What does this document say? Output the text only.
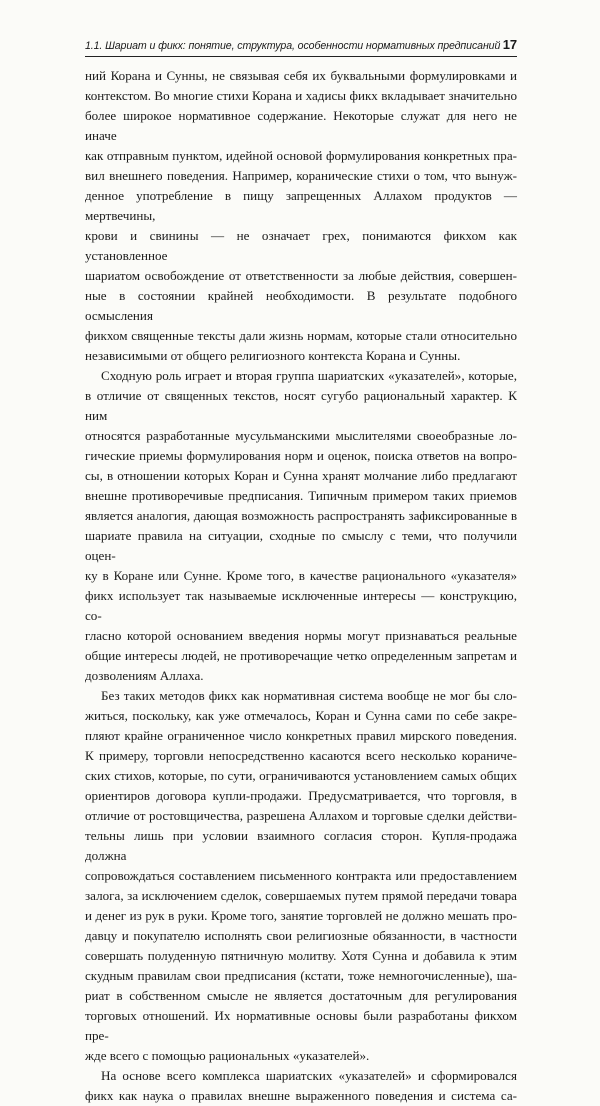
1.1. Шариат и фикх: понятие, структура, особенности нормативных предписаний 17

ний Корана и Сунны, не связывая себя их буквальными формулировками и
контекстом. Во многие стихи Корана и хадисы фикх вкладывает значительно
более широкое нормативное содержание. Некоторые служат для него не иначе
как отправным пунктом, идейной основой формулирования конкретных пра-
вил внешнего поведения. Например, коранические стихи о том, что вынуж-
денное употребление в пищу запрещенных Аллахом продуктов — мертвечины,
крови и свинины — не означает грех, понимаются фикхом как установленное
шариатом освобождение от ответственности за любые действия, совершен-
ные в состоянии крайней необходимости. В результате подобного осмысления
фикхом священные тексты дали жизнь нормам, которые стали относительно
независимыми от общего религиозного контекста Корана и Сунны.

Сходную роль играет и вторая группа шариатских «указателей», которые,
в отличие от священных текстов, носят сугубо рациональный характер. К ним
относятся разработанные мусульманскими мыслителями своеобразные ло-
гические приемы формулирования норм и оценок, поиска ответов на вопро-
сы, в отношении которых Коран и Сунна хранят молчание либо предлагают
внешне противоречивые предписания. Типичным примером таких приемов
является аналогия, дающая возможность распространять зафиксированные в
шариате правила на ситуации, сходные по смыслу с теми, что получили оцен-
ку в Коране или Сунне. Кроме того, в качестве рационального «указателя»
фикх использует так называемые исключенные интересы — конструкцию, со-
гласно которой основанием введения нормы могут признаваться реальные
общие интересы людей, не противоречащие четко определенным запретам и
дозволениям Аллаха.

Без таких методов фикх как нормативная система вообще не мог бы сло-
житься, поскольку, как уже отмечалось, Коран и Сунна сами по себе закре-
пляют крайне ограниченное число конкретных правил мирского поведения.
К примеру, торговли непосредственно касаются всего несколько кораниче-
ских стихов, которые, по сути, ограничиваются установлением самых общих
ориентиров договора купли-продажи. Предусматривается, что торговля, в
отличие от ростовщичества, разрешена Аллахом и торговые сделки действи-
тельны лишь при условии взаимного согласия сторон. Купля-продажа должна
сопровождаться составлением письменного контракта или предоставлением
залога, за исключением сделок, совершаемых путем прямой передачи товара
и денег из рук в руки. Кроме того, занятие торговлей не должно мешать про-
давцу и покупателю исполнять свои религиозные обязанности, в частности
совершать полуденную пятничную молитву. Хотя Сунна и добавила к этим
скудным правилам свои предписания (кстати, тоже немногочисленные), ша-
риат в собственном смысле не является достаточным для регулирования
торговых отношений. Их нормативные основы были разработаны фикхом пре-
жде всего с помощью рациональных «указателей».

На основе всего комплекса шариатских «указателей» и сформировался
фикх как наука о правилах внешне выраженного поведения и система са-
